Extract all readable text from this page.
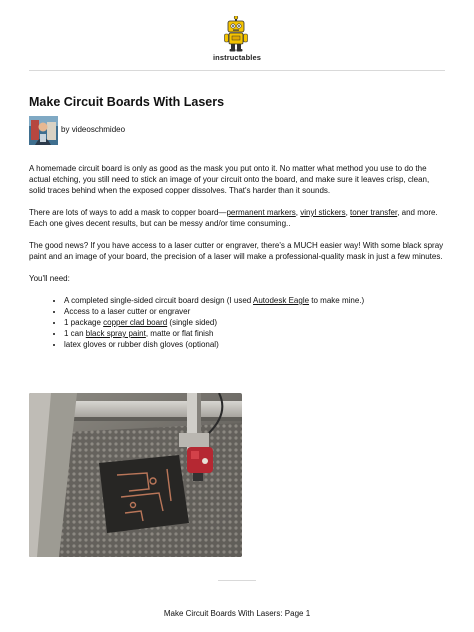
instructables
Make Circuit Boards With Lasers
by videoschmideo

A homemade circuit board is only as good as the mask you put onto it. No matter what method you use to do the actual etching, you still need to stick an image of your circuit onto the board, and make sure it leaves crisp, clean, solid traces behind when the exposed copper dissolves. That's harder than it sounds.

There are lots of ways to add a mask to copper board—permanent markers, vinyl stickers, toner transfer, and more. Each one gives decent results, but can be messy and/or time consuming..

The good news? If you have access to a laser cutter or engraver, there's a MUCH easier way! With some black spray paint and an image of your board, the precision of a laser will make a professional-quality mask in just a few minutes.

You'll need:

• A completed single-sided circuit board design (I used Autodesk Eagle to make mine.)
• Access to a laser cutter or engraver
• 1 package copper clad board (single sided)
• 1 can black spray paint, matte or flat finish
• latex gloves or rubber dish gloves (optional)
Make Circuit Boards With Lasers: Page 1
